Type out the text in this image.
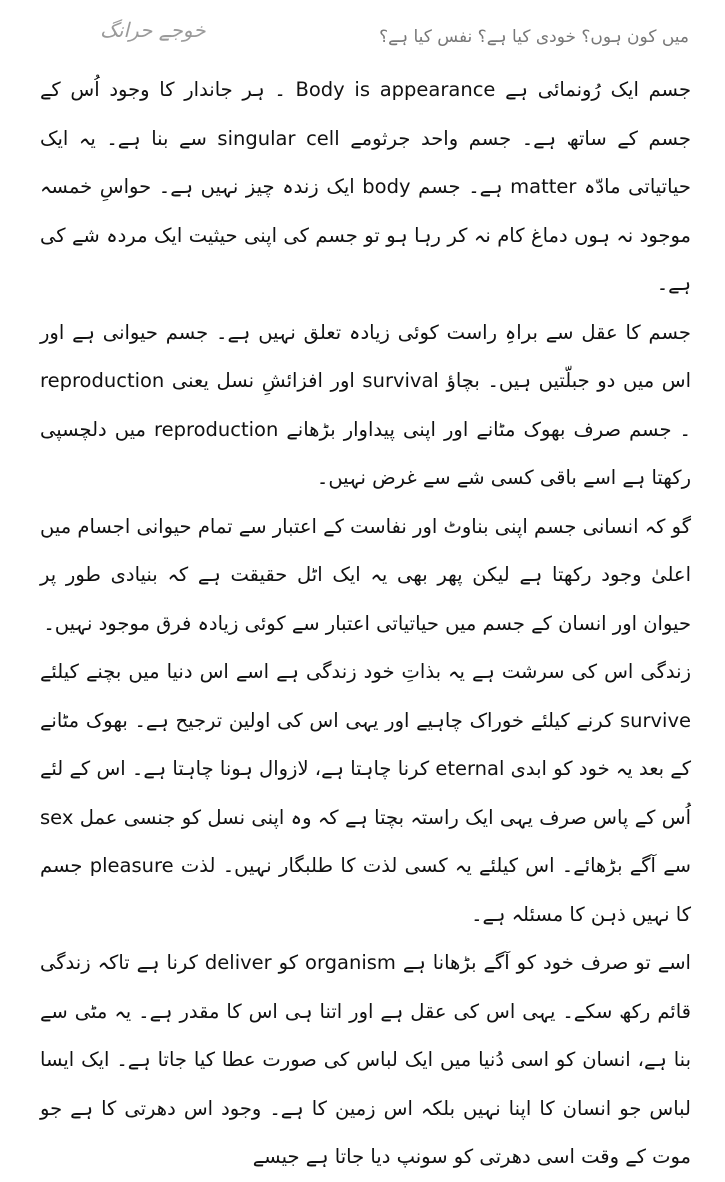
خوجے حرانگ	میں کون ہوں؟ خودی کیا ہے؟ نفس کیا ہے؟

جسم ایک رُونمائی ہے Body is appearance ۔ ہر جاندار کا وجود اُس کے جسم کے ساتھ ہے۔ جسم واحد جرثومے singular cell سے بنا ہے۔ یہ ایک حیاتیاتی مادّہ matter ہے۔ جسم body ایک زندہ چیز نہیں ہے۔ حواسِ خمسہ موجود نہ ہوں دماغ کام نہ کر رہا ہو تو جسم کی اپنی حیثیت ایک مردہ شے کی ہے۔

جسم کا عقل سے براہِ راست کوئی زیادہ تعلق نہیں ہے۔ جسم حیوانی ہے اور اس میں دو جبلّتیں ہیں۔ بچاؤ survival اور افزائشِ نسل یعنی reproduction ۔ جسم صرف بھوک مٹانے اور اپنی پیداوار بڑھانے reproduction میں دلچسپی رکھتا ہے اسے باقی کسی شے سے غرض نہیں۔

گو کہ انسانی جسم اپنی بناوٹ اور نفاست کے اعتبار سے تمام حیوانی اجسام میں اعلیٰ وجود رکھتا ہے لیکن پھر بھی یہ ایک اٹل حقیقت ہے کہ بنیادی طور پر حیوان اور انسان کے جسم میں حیاتیاتی اعتبار سے کوئی زیادہ فرق موجود نہیں۔

زندگی اس کی سرشت ہے یہ بذاتِ خود زندگی ہے اسے اس دنیا میں بچنے کیلئے survive کرنے کیلئے خوراک چاہیے اور یہی اس کی اولین ترجیح ہے۔ بھوک مٹانے کے بعد یہ خود کو ابدی eternal کرنا چاہتا ہے، لازوال ہونا چاہتا ہے۔ اس کے لئے اُس کے پاس صرف یہی ایک راستہ بچتا ہے کہ وہ اپنی نسل کو جنسی عمل sex سے آگے بڑھائے۔ اس کیلئے یہ کسی لذت کا طلبگار نہیں۔ لذت pleasure جسم کا نہیں ذہن کا مسئلہ ہے۔

اسے تو صرف خود کو آگے بڑھانا ہے organism کو deliver کرنا ہے تاکہ زندگی قائم رکھ سکے۔ یہی اس کی عقل ہے اور اتنا ہی اس کا مقدر ہے۔ یہ مٹی سے بنا ہے، انسان کو اسی دُنیا میں ایک لباس کی صورت عطا کیا جاتا ہے۔ ایک ایسا لباس جو انسان کا اپنا نہیں بلکہ اس زمین کا ہے۔ وجود اس دھرتی کا ہے جو موت کے وقت اسی دھرتی کو سونپ دیا جاتا ہے جیسے
